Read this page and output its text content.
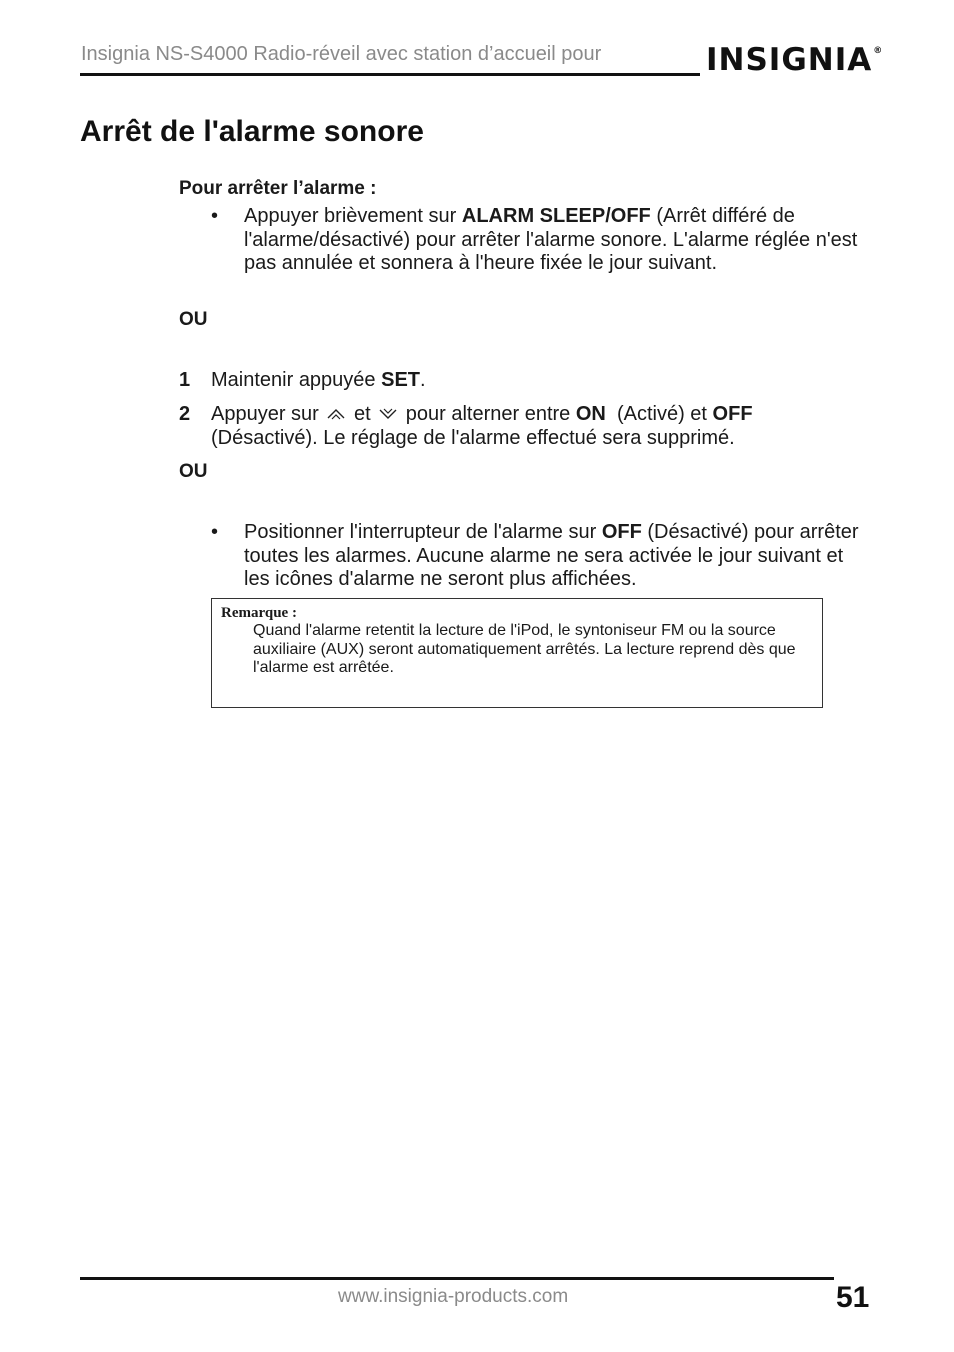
Insignia NS-S4000 Radio-réveil avec station d’accueil pour	INSIGNIA®
Arrêt de l'alarme sonore
Pour arrêter l’alarme :
• Appuyer brièvement sur ALARM SLEEP/OFF (Arrêt différé de l'alarme/désactivé) pour arrêter l'alarme sonore. L'alarme réglée n'est pas annulée et sonnera à l'heure fixée le jour suivant.
OU
1 Maintenir appuyée SET.
2 Appuyer sur  et  pour alterner entre ON  (Activé) et OFF (Désactivé). Le réglage de l'alarme effectué sera supprimé.
OU
• Positionner l'interrupteur de l'alarme sur OFF (Désactivé) pour arrêter toutes les alarmes. Aucune alarme ne sera activée le jour suivant et les icônes d'alarme ne seront plus affichées.
Remarque :
Quand l'alarme retentit la lecture de l'iPod, le syntoniseur FM ou la source auxiliaire (AUX) seront automatiquement arrêtés. La lecture reprend dès que l'alarme est arrêtée.
www.insignia-products.com	51
